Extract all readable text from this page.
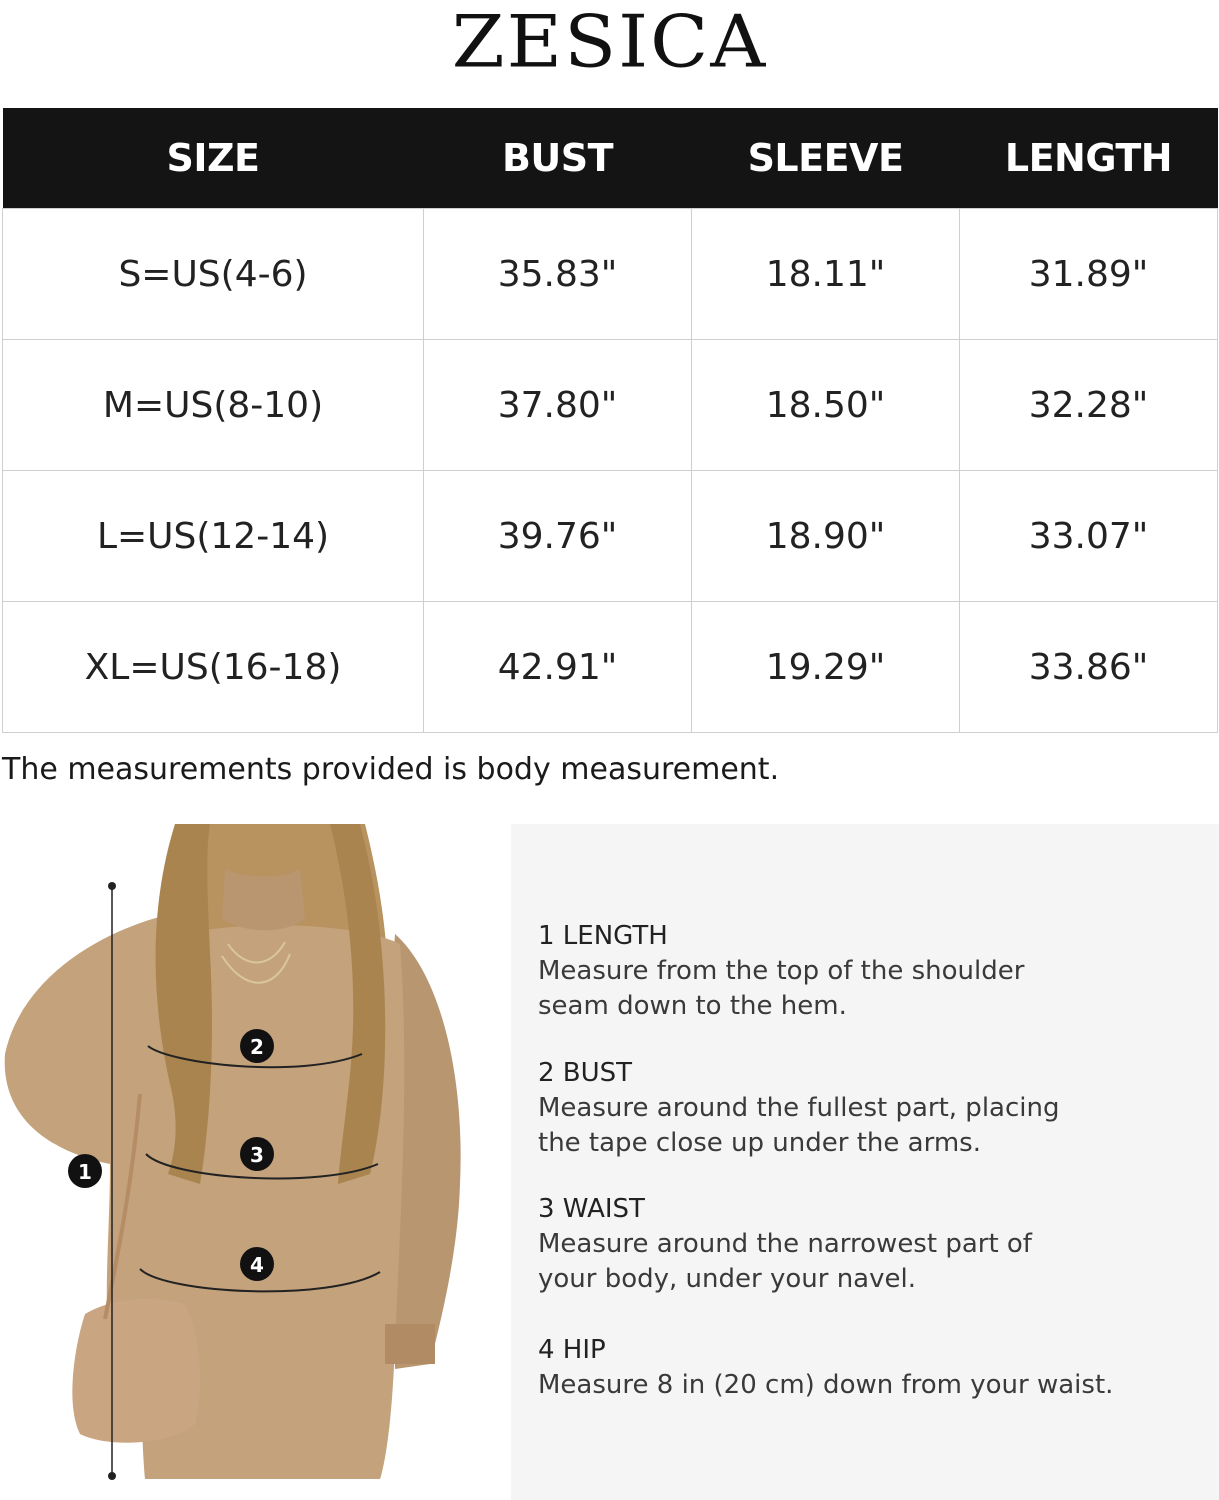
ZESICA
SIZE	BUST	SLEEVE	LENGTH
S=US(4-6)	35.83"	18.11"	31.89"
M=US(8-10)	37.80"	18.50"	32.28"
L=US(12-14)	39.76"	18.90"	33.07"
XL=US(16-18)	42.91"	19.29"	33.86"
The measurements provided is body measurement.
1
2
3
4
1 LENGTH
Measure from the top of the shoulder
seam down to the hem.
2 BUST
Measure around the fullest part, placing
the tape close up under the arms.
3 WAIST
Measure around the narrowest part of
your body, under your navel.
4 HIP
Measure 8 in (20 cm) down from your waist.
